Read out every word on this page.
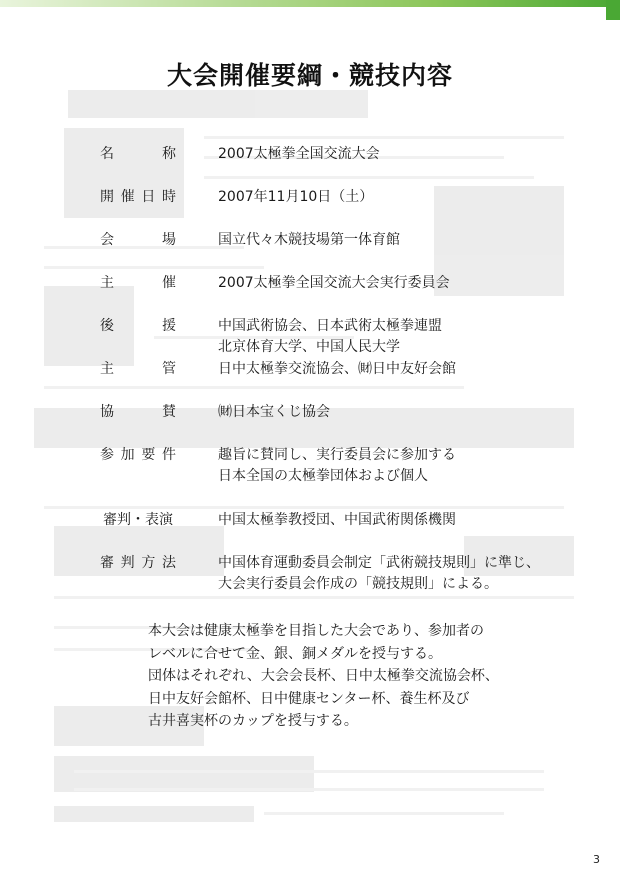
大会開催要綱・競技内容
名　称	2007太極拳全国交流大会
開催日時	2007年11月10日（土）
会　場	国立代々木競技場第一体育館
主　催	2007太極拳全国交流大会実行委員会
後　援	中国武術協会、日本武術太極拳連盟
北京体育大学、中国人民大学
主　管	日中太極拳交流協会、㈶日中友好会館
協　賛	㈶日本宝くじ協会
参加要件	趣旨に賛同し、実行委員会に参加する
日本全国の太極拳団体および個人
審判・表演	中国太極拳教授団、中国武術関係機関
審判方法	中国体育運動委員会制定「武術競技規則」に準じ、
大会実行委員会作成の「競技規則」による。
本大会は健康太極拳を目指した大会であり、参加者の
レベルに合せて金、銀、銅メダルを授与する。
団体はそれぞれ、大会会長杯、日中太極拳交流協会杯、
日中友好会館杯、日中健康センター杯、養生杯及び
古井喜実杯のカップを授与する。
3
